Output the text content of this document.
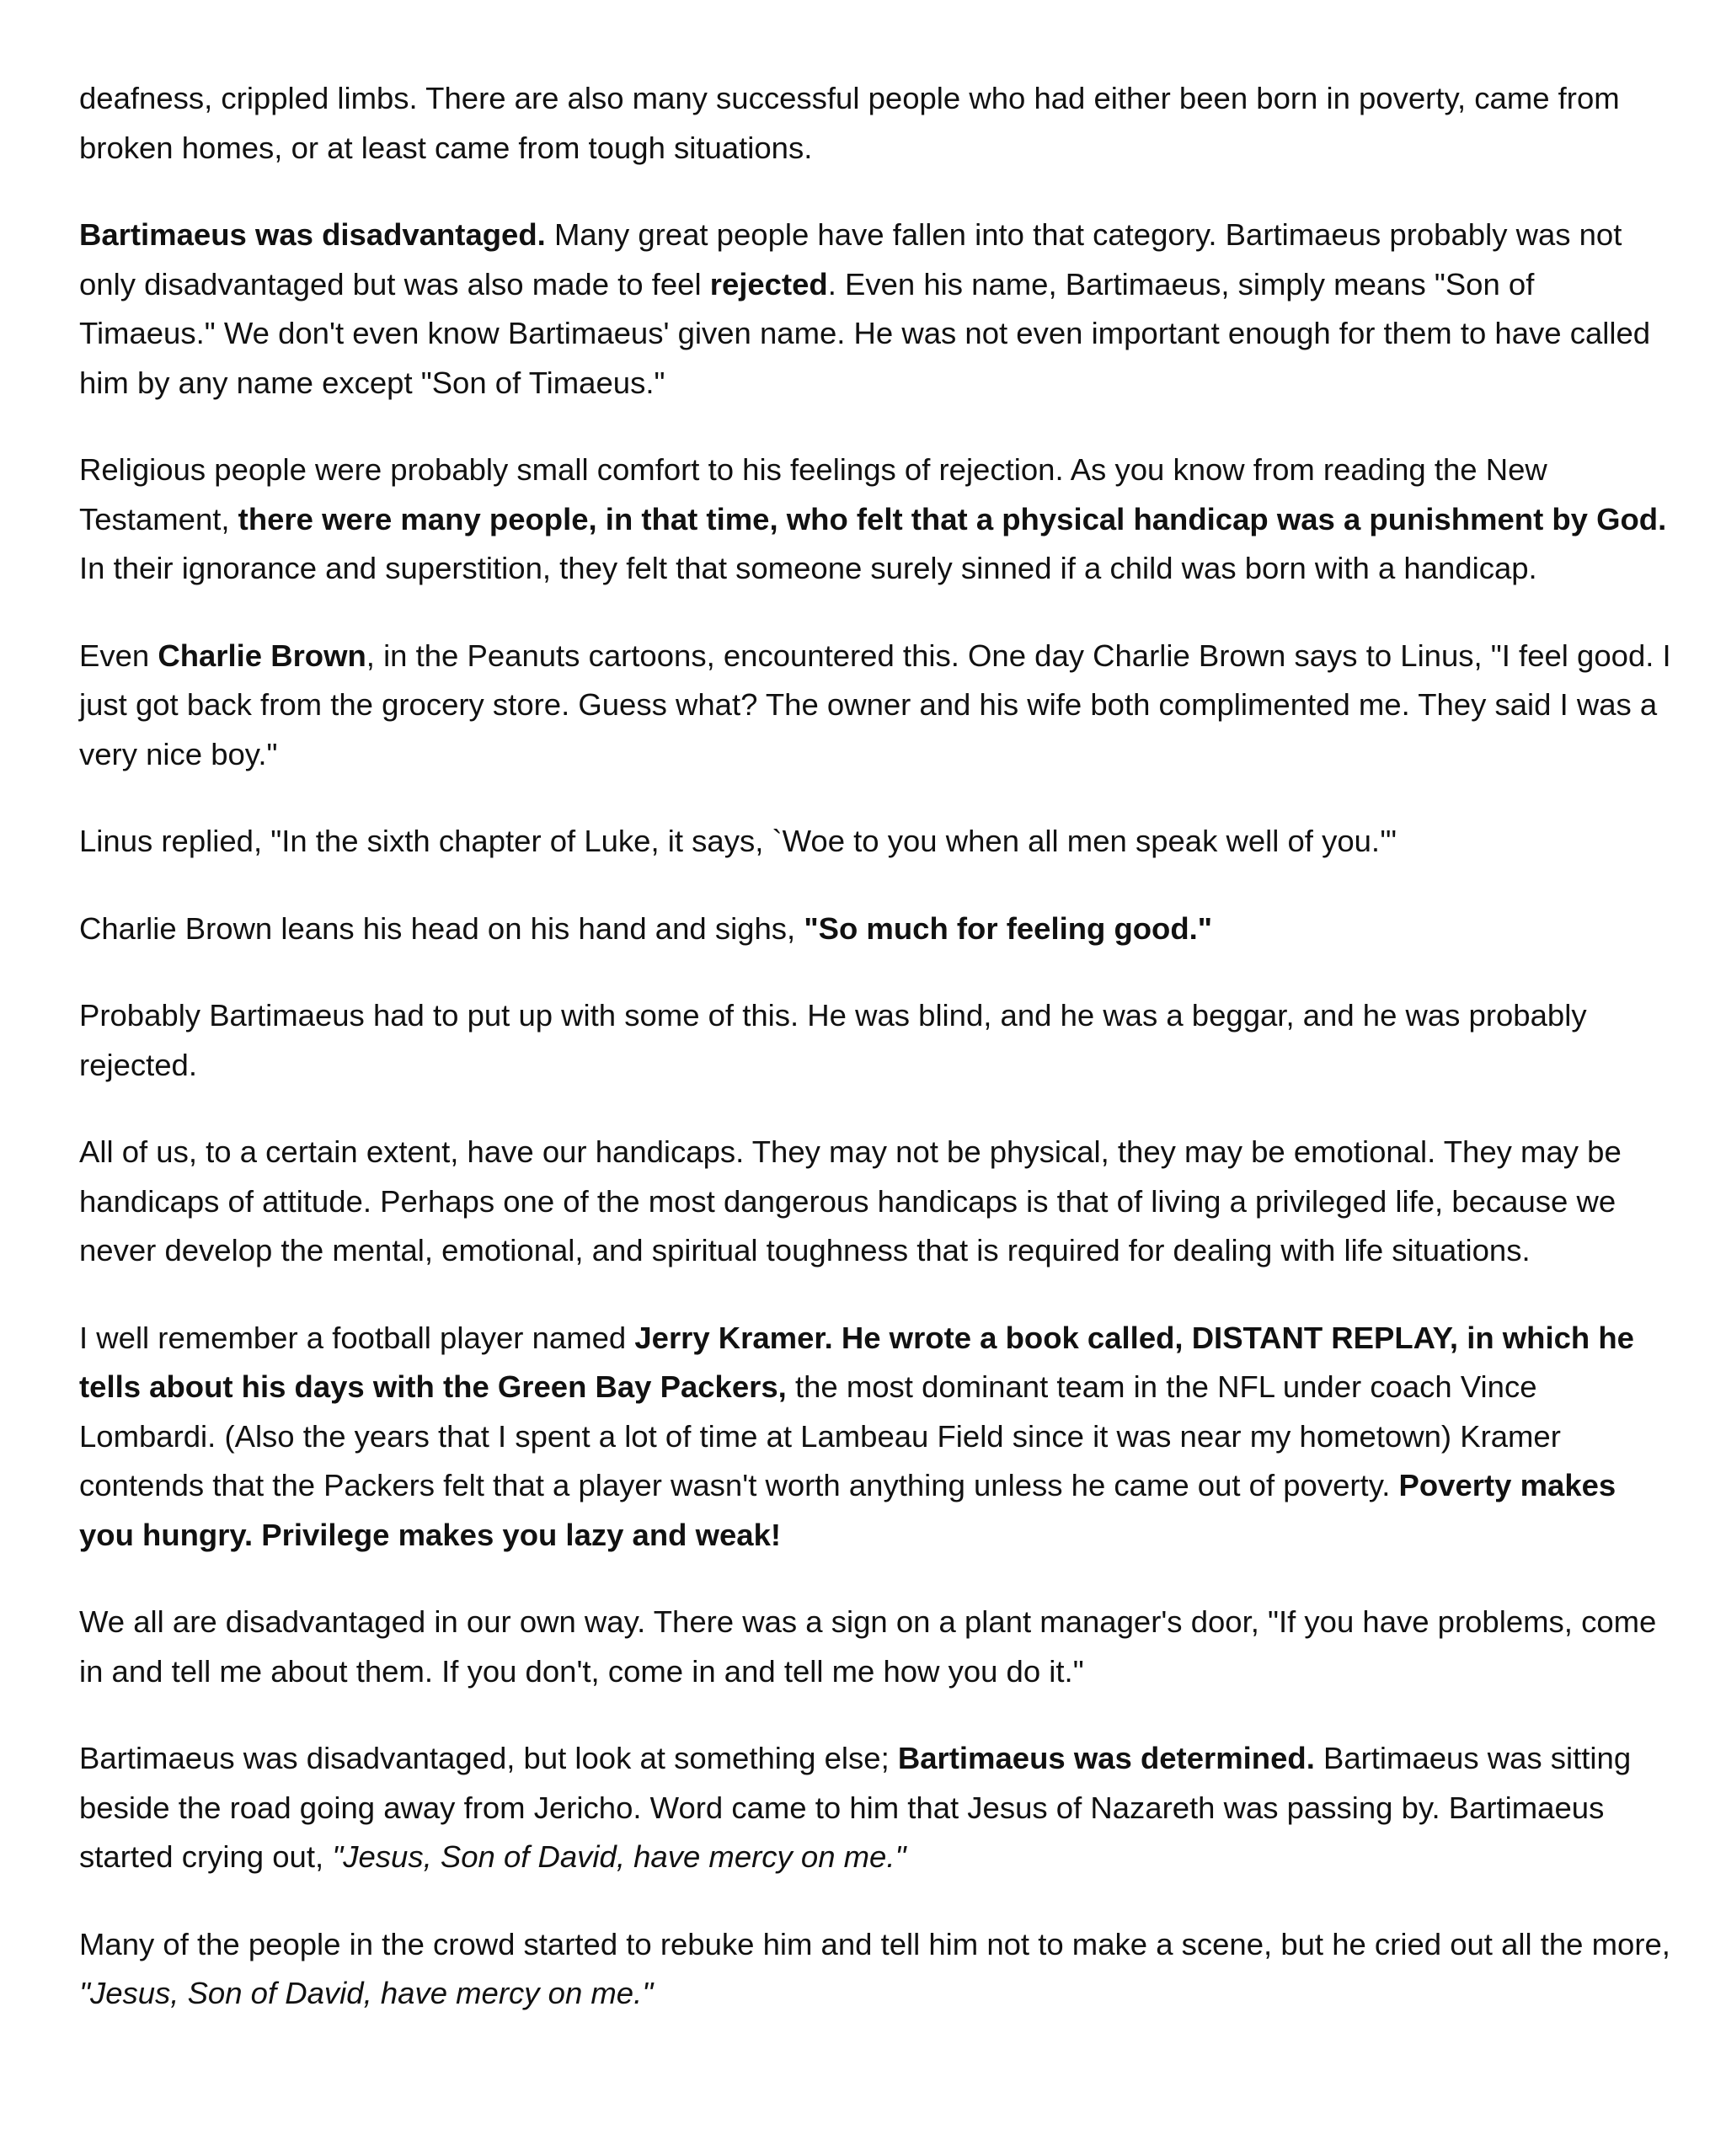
deafness, crippled limbs. There are also many successful people who had either been born in poverty, came from broken homes, or at least came from tough situations.

Bartimaeus was disadvantaged. Many great people have fallen into that category. Bartimaeus probably was not only disadvantaged but was also made to feel rejected. Even his name, Bartimaeus, simply means "Son of Timaeus." We don't even know Bartimaeus' given name. He was not even important enough for them to have called him by any name except "Son of Timaeus."

Religious people were probably small comfort to his feelings of rejection. As you know from reading the New Testament, there were many people, in that time, who felt that a physical handicap was a punishment by God. In their ignorance and superstition, they felt that someone surely sinned if a child was born with a handicap.

Even Charlie Brown, in the Peanuts cartoons, encountered this. One day Charlie Brown says to Linus, "I feel good. I just got back from the grocery store. Guess what? The owner and his wife both complimented me. They said I was a very nice boy."

Linus replied, "In the sixth chapter of Luke, it says, `Woe to you when all men speak well of you.'"

Charlie Brown leans his head on his hand and sighs, "So much for feeling good."

Probably Bartimaeus had to put up with some of this. He was blind, and he was a beggar, and he was probably rejected.

All of us, to a certain extent, have our handicaps. They may not be physical, they may be emotional. They may be handicaps of attitude. Perhaps one of the most dangerous handicaps is that of living a privileged life, because we never develop the mental, emotional, and spiritual toughness that is required for dealing with life situations.

I well remember a football player named Jerry Kramer. He wrote a book called, DISTANT REPLAY, in which he tells about his days with the Green Bay Packers, the most dominant team in the NFL under coach Vince Lombardi. (Also the years that I spent a lot of time at Lambeau Field since it was near my hometown) Kramer contends that the Packers felt that a player wasn't worth anything unless he came out of poverty. Poverty makes you hungry. Privilege makes you lazy and weak!

We all are disadvantaged in our own way. There was a sign on a plant manager's door, "If you have problems, come in and tell me about them. If you don't, come in and tell me how you do it."

Bartimaeus was disadvantaged, but look at something else; Bartimaeus was determined. Bartimaeus was sitting beside the road going away from Jericho. Word came to him that Jesus of Nazareth was passing by. Bartimaeus started crying out, "Jesus, Son of David, have mercy on me."

Many of the people in the crowd started to rebuke him and tell him not to make a scene, but he cried out all the more, "Jesus, Son of David, have mercy on me."
